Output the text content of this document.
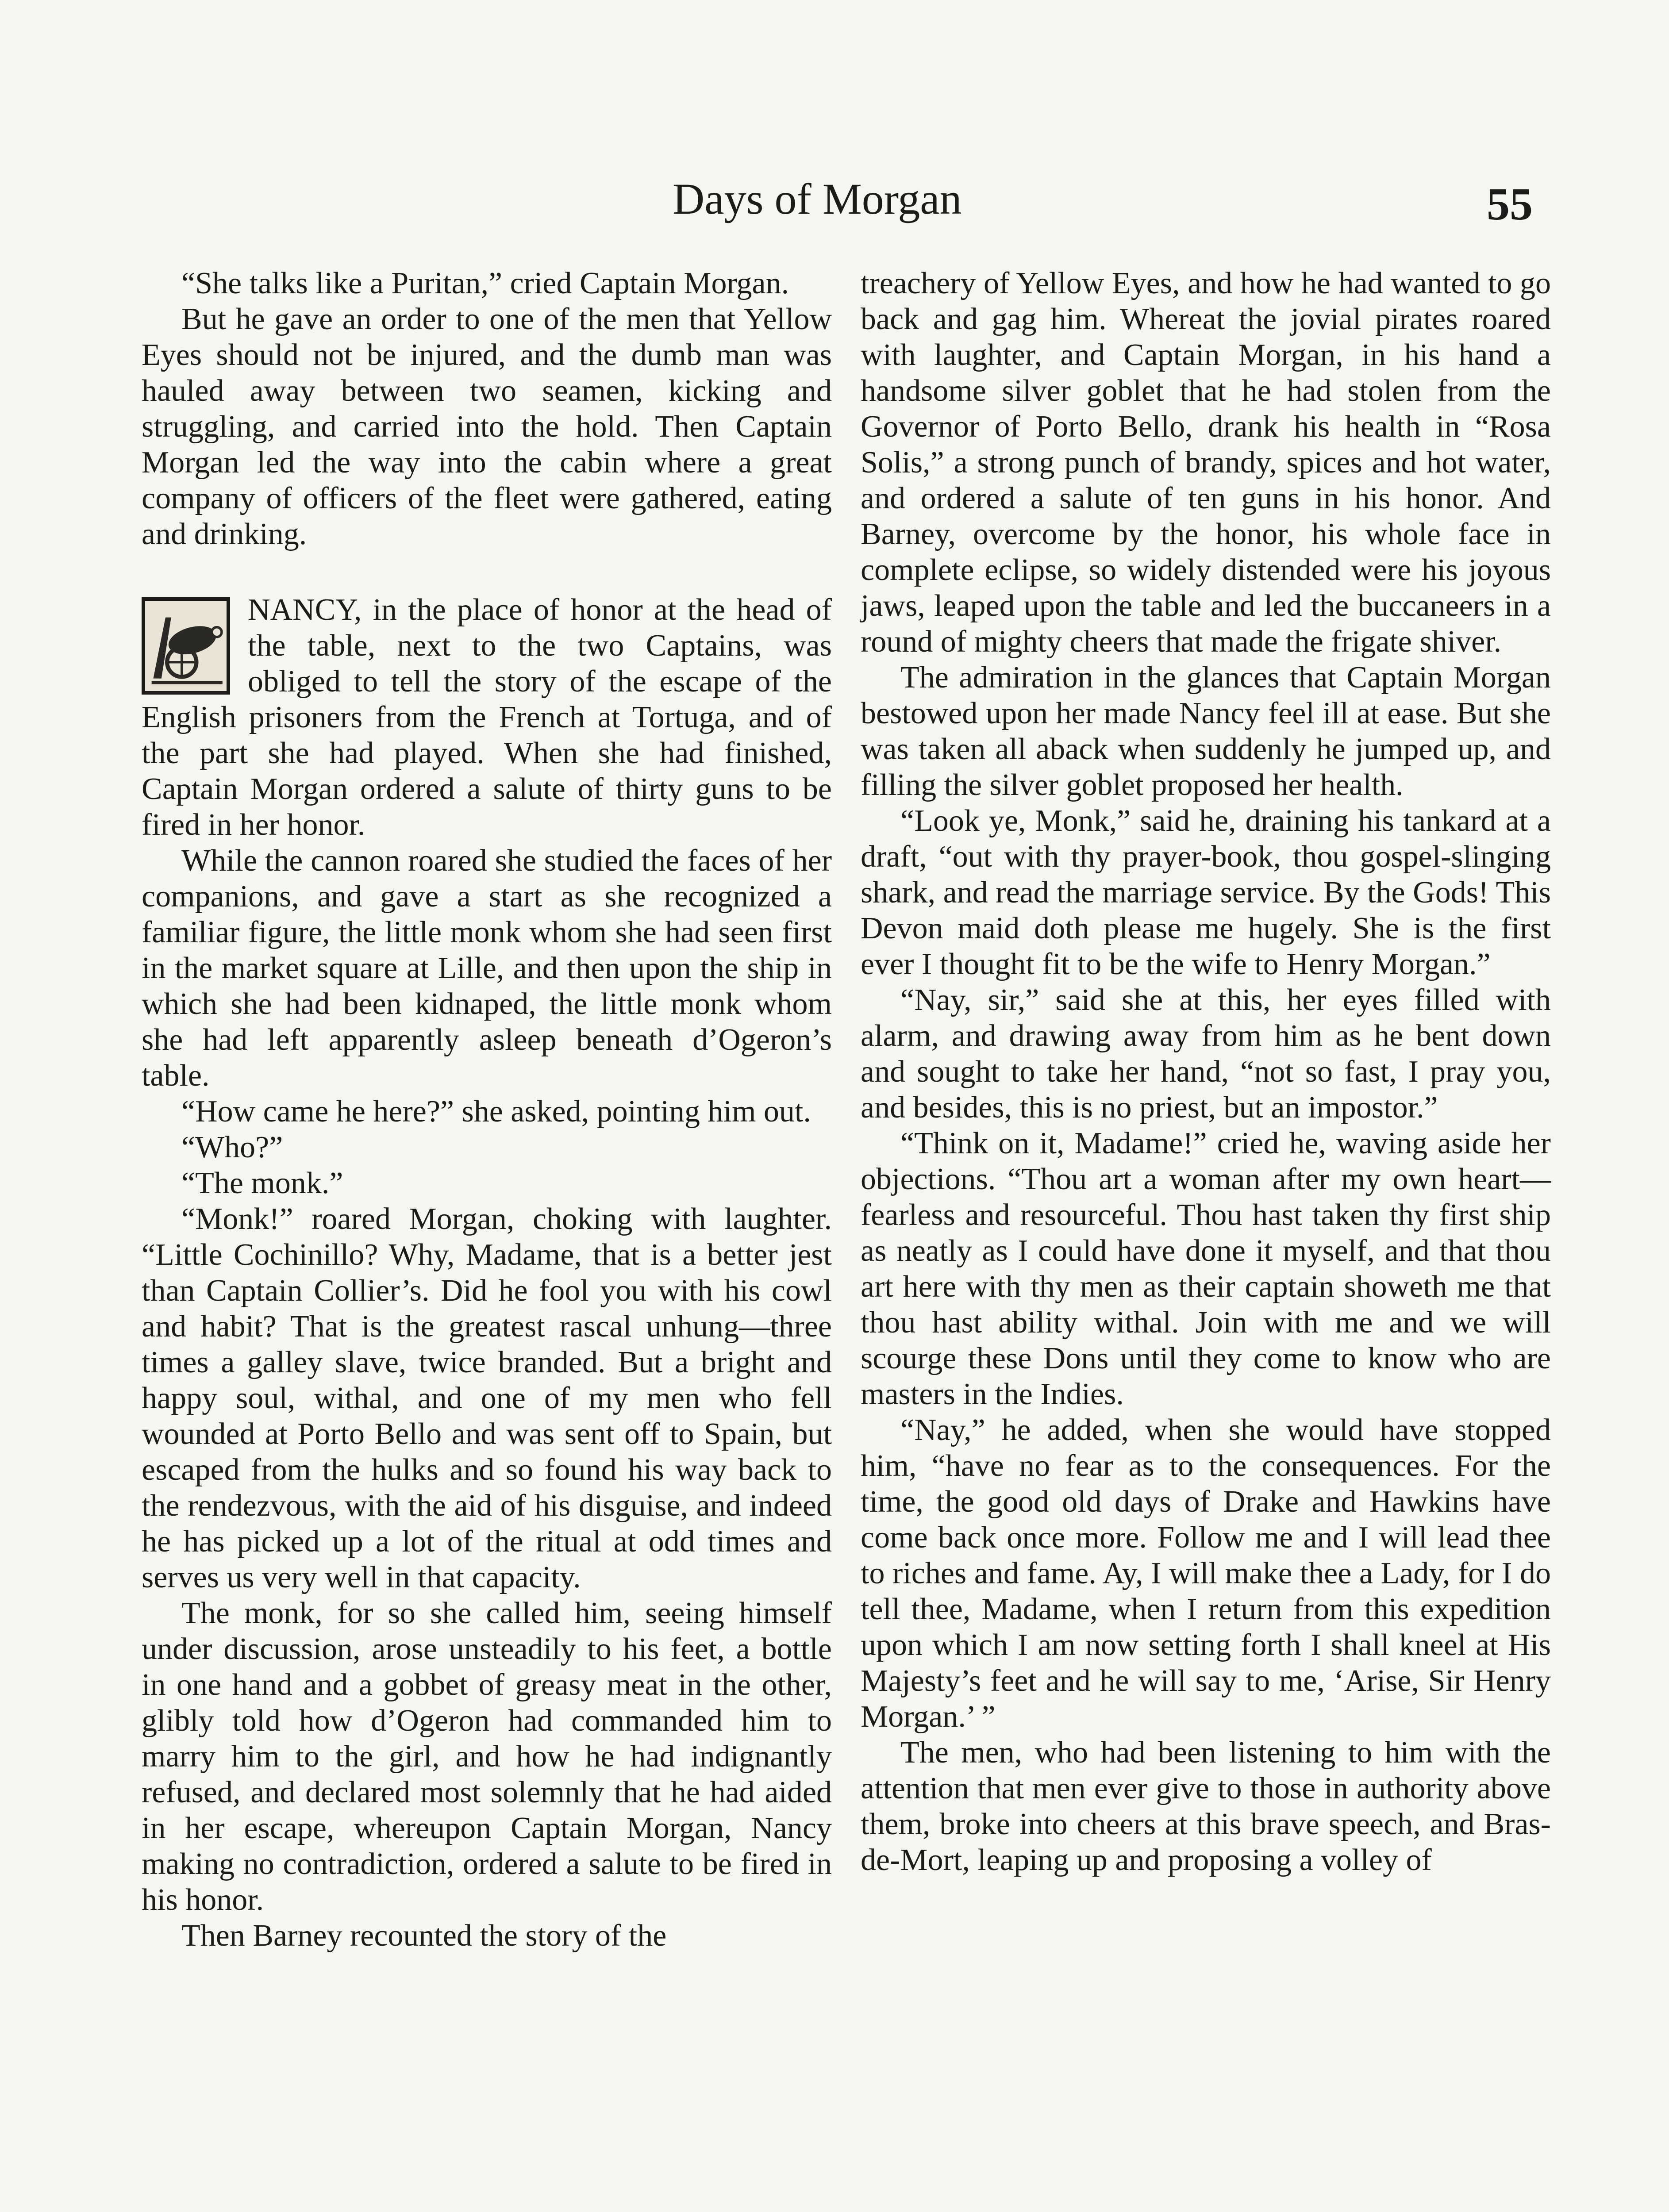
Days of Morgan	55

“She talks like a Puritan,” cried Captain Morgan.

But he gave an order to one of the men that Yellow Eyes should not be injured, and the dumb man was hauled away between two seamen, kicking and struggling, and carried into the hold. Then Captain Morgan led the way into the cabin where a great company of officers of the fleet were gathered, eating and drinking.

NANCY, in the place of honor at the head of the table, next to the two Captains, was obliged to tell the story of the escape of the English prisoners from the French at Tortuga, and of the part she had played. When she had finished, Captain Morgan ordered a salute of thirty guns to be fired in her honor.

While the cannon roared she studied the faces of her companions, and gave a start as she recognized a familiar figure, the little monk whom she had seen first in the market square at Lille, and then upon the ship in which she had been kidnaped, the little monk whom she had left apparently asleep beneath d’Ogeron’s table.

“How came he here?” she asked, pointing him out.

“Who?”

“The monk.”

“Monk!” roared Morgan, choking with laughter. “Little Cochinillo? Why, Madame, that is a better jest than Captain Collier’s. Did he fool you with his cowl and habit? That is the greatest rascal unhung—three times a galley slave, twice branded. But a bright and happy soul, withal, and one of my men who fell wounded at Porto Bello and was sent off to Spain, but escaped from the hulks and so found his way back to the rendezvous, with the aid of his disguise, and indeed he has picked up a lot of the ritual at odd times and serves us very well in that capacity.

The monk, for so she called him, seeing himself under discussion, arose unsteadily to his feet, a bottle in one hand and a gobbet of greasy meat in the other, glibly told how d’Ogeron had commanded him to marry him to the girl, and how he had indignantly refused, and declared most solemnly that he had aided in her escape, whereupon Captain Morgan, Nancy making no contradiction, ordered a salute to be fired in his honor.

Then Barney recounted the story of the

treachery of Yellow Eyes, and how he had wanted to go back and gag him. Whereat the jovial pirates roared with laughter, and Captain Morgan, in his hand a handsome silver goblet that he had stolen from the Governor of Porto Bello, drank his health in “Rosa Solis,” a strong punch of brandy, spices and hot water, and ordered a salute of ten guns in his honor. And Barney, overcome by the honor, his whole face in complete eclipse, so widely distended were his joyous jaws, leaped upon the table and led the buccaneers in a round of mighty cheers that made the frigate shiver.

The admiration in the glances that Captain Morgan bestowed upon her made Nancy feel ill at ease. But she was taken all aback when suddenly he jumped up, and filling the silver goblet proposed her health.

“Look ye, Monk,” said he, draining his tankard at a draft, “out with thy prayer-book, thou gospel-slinging shark, and read the marriage service. By the Gods! This Devon maid doth please me hugely. She is the first ever I thought fit to be the wife to Henry Morgan.”

“Nay, sir,” said she at this, her eyes filled with alarm, and drawing away from him as he bent down and sought to take her hand, “not so fast, I pray you, and besides, this is no priest, but an impostor.”

“Think on it, Madame!” cried he, waving aside her objections. “Thou art a woman after my own heart—fearless and resourceful. Thou hast taken thy first ship as neatly as I could have done it myself, and that thou art here with thy men as their captain showeth me that thou hast ability withal. Join with me and we will scourge these Dons until they come to know who are masters in the Indies.

“Nay,” he added, when she would have stopped him, “have no fear as to the consequences. For the time, the good old days of Drake and Hawkins have come back once more. Follow me and I will lead thee to riches and fame. Ay, I will make thee a Lady, for I do tell thee, Madame, when I return from this expedition upon which I am now setting forth I shall kneel at His Majesty’s feet and he will say to me, ‘Arise, Sir Henry Morgan.’ ”

The men, who had been listening to him with the attention that men ever give to those in authority above them, broke into cheers at this brave speech, and Bras-de-Mort, leaping up and proposing a volley of
